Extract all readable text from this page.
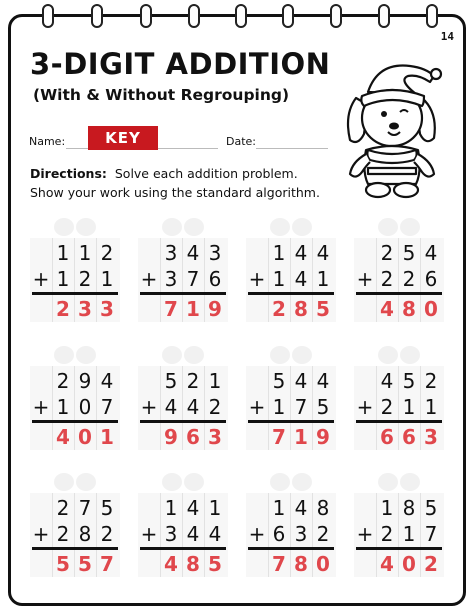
14
3-DIGIT ADDITION
(With & Without Regrouping)
Name:	KEY	Date:
Directions: Solve each addition problem.
Show your work using the standard algorithm.
1 1 2
+ 1 2 1
2 3 3
3 4 3
+ 3 7 6
7 1 9
1 4 4
+ 1 4 1
2 8 5
2 5 4
+ 2 2 6
4 8 0
2 9 4
+ 1 0 7
4 0 1
5 2 1
+ 4 4 2
9 6 3
5 4 4
+ 1 7 5
7 1 9
4 5 2
+ 2 1 1
6 6 3
2 7 5
+ 2 8 2
5 5 7
1 4 1
+ 3 4 4
4 8 5
1 4 8
+ 6 3 2
7 8 0
1 8 5
+ 2 1 7
4 0 2
